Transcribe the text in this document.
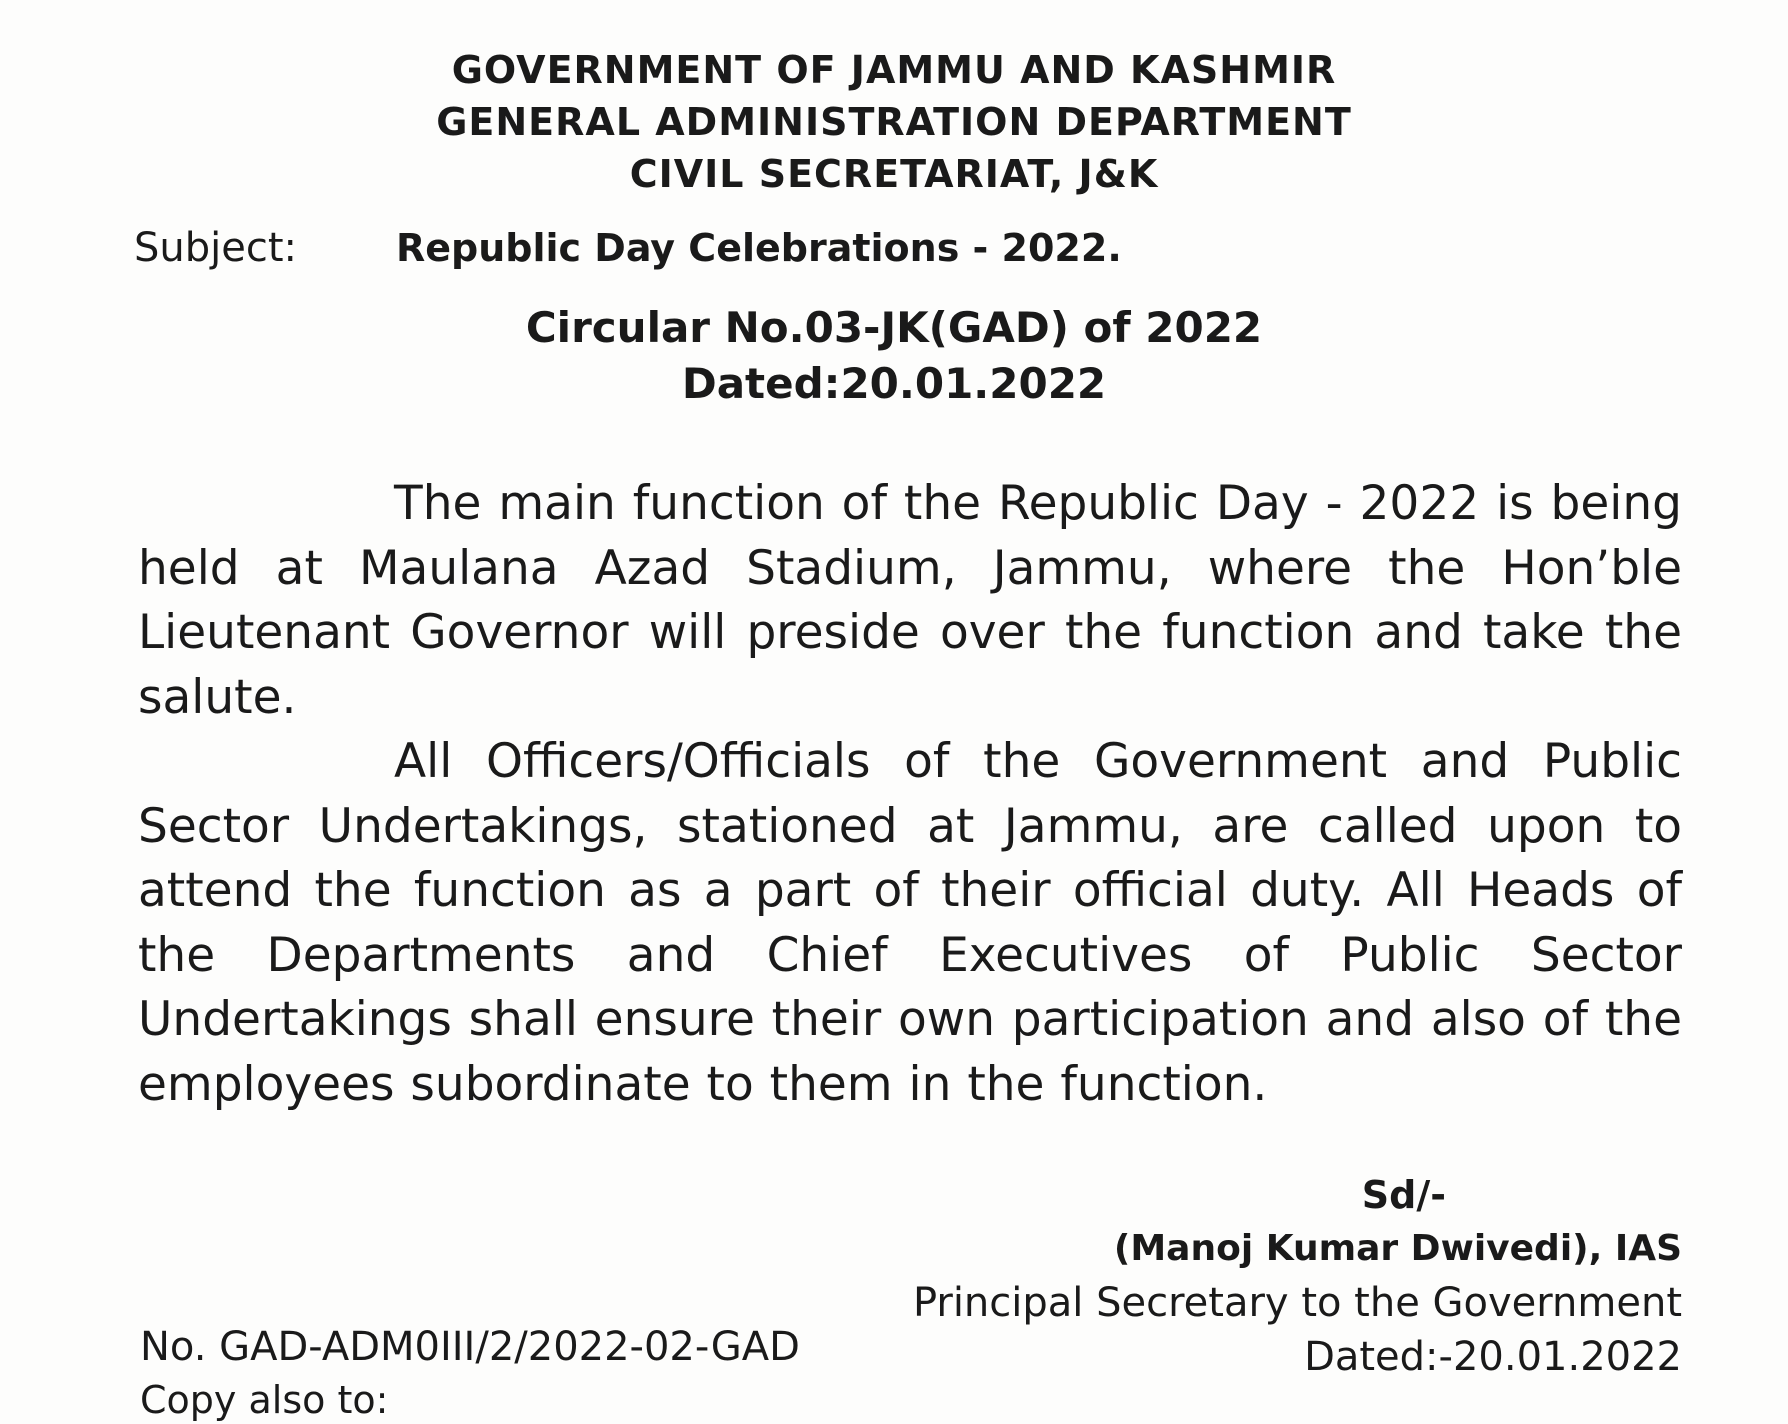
GOVERNMENT OF JAMMU AND KASHMIR
GENERAL ADMINISTRATION DEPARTMENT
CIVIL SECRETARIAT, J&K
Subject:	Republic Day Celebrations - 2022.
Circular No.03-JK(GAD) of 2022
Dated:20.01.2022

The main function of the Republic Day - 2022 is being held at Maulana Azad Stadium, Jammu, where the Hon’ble Lieutenant Governor will preside over the function and take the salute.

All Officers/Officials of the Government and Public Sector Undertakings, stationed at Jammu, are called upon to attend the function as a part of their official duty. All Heads of the Departments and Chief Executives of Public Sector Undertakings shall ensure their own participation and also of the employees subordinate to them in the function.

Sd/-
(Manoj Kumar Dwivedi), IAS
Principal Secretary to the Government
Dated:-20.01.2022
No. GAD-ADM0III/2/2022-02-GAD
Copy also to:
